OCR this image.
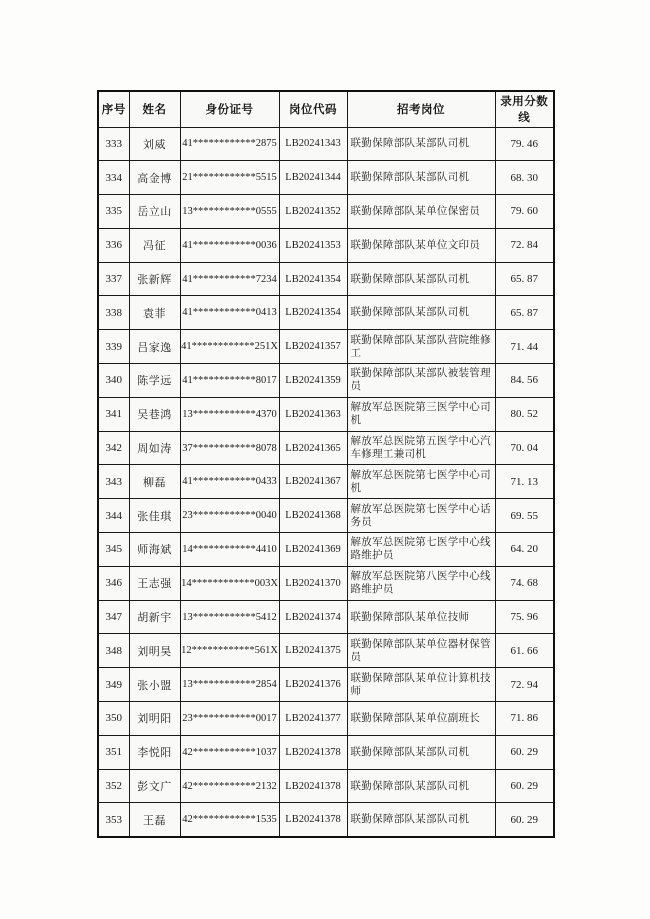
序号	姓名	身份证号	岗位代码	招考岗位	录用分数线
333	刘威	41************2875	LB20241343	联勤保障部队某部队司机	79. 46
334	高金博	21************5515	LB20241344	联勤保障部队某部队司机	68. 30
335	岳立山	13************0555	LB20241352	联勤保障部队某单位保密员	79. 60
336	冯征	41************0036	LB20241353	联勤保障部队某单位文印员	72. 84
337	张新辉	41************7234	LB20241354	联勤保障部队某部队司机	65. 87
338	袁菲	41************0413	LB20241354	联勤保障部队某部队司机	65. 87
339	吕家逸	41************251X	LB20241357	联勤保障部队某部队营院维修工	71. 44
340	陈学远	41************8017	LB20241359	联勤保障部队某部队被装管理员	84. 56
341	吴巷鸿	13************4370	LB20241363	解放军总医院第三医学中心司机	80. 52
342	周如涛	37************8078	LB20241365	解放军总医院第五医学中心汽车修理工兼司机	70. 04
343	柳磊	41************0433	LB20241367	解放军总医院第七医学中心司机	71. 13
344	张佳琪	23************0040	LB20241368	解放军总医院第七医学中心话务员	69. 55
345	师海斌	14************4410	LB20241369	解放军总医院第七医学中心线路维护员	64. 20
346	王志强	14************003X	LB20241370	解放军总医院第八医学中心线路维护员	74. 68
347	胡新宇	13************5412	LB20241374	联勤保障部队某单位技师	75. 96
348	刘明昊	12************561X	LB20241375	联勤保障部队某单位器材保管员	61. 66
349	张小盟	13************2854	LB20241376	联勤保障部队某单位计算机技师	72. 94
350	刘明阳	23************0017	LB20241377	联勤保障部队某单位副班长	71. 86
351	李悦阳	42************1037	LB20241378	联勤保障部队某部队司机	60. 29
352	彭文广	42************2132	LB20241378	联勤保障部队某部队司机	60. 29
353	王磊	42************1535	LB20241378	联勤保障部队某部队司机	60. 29
